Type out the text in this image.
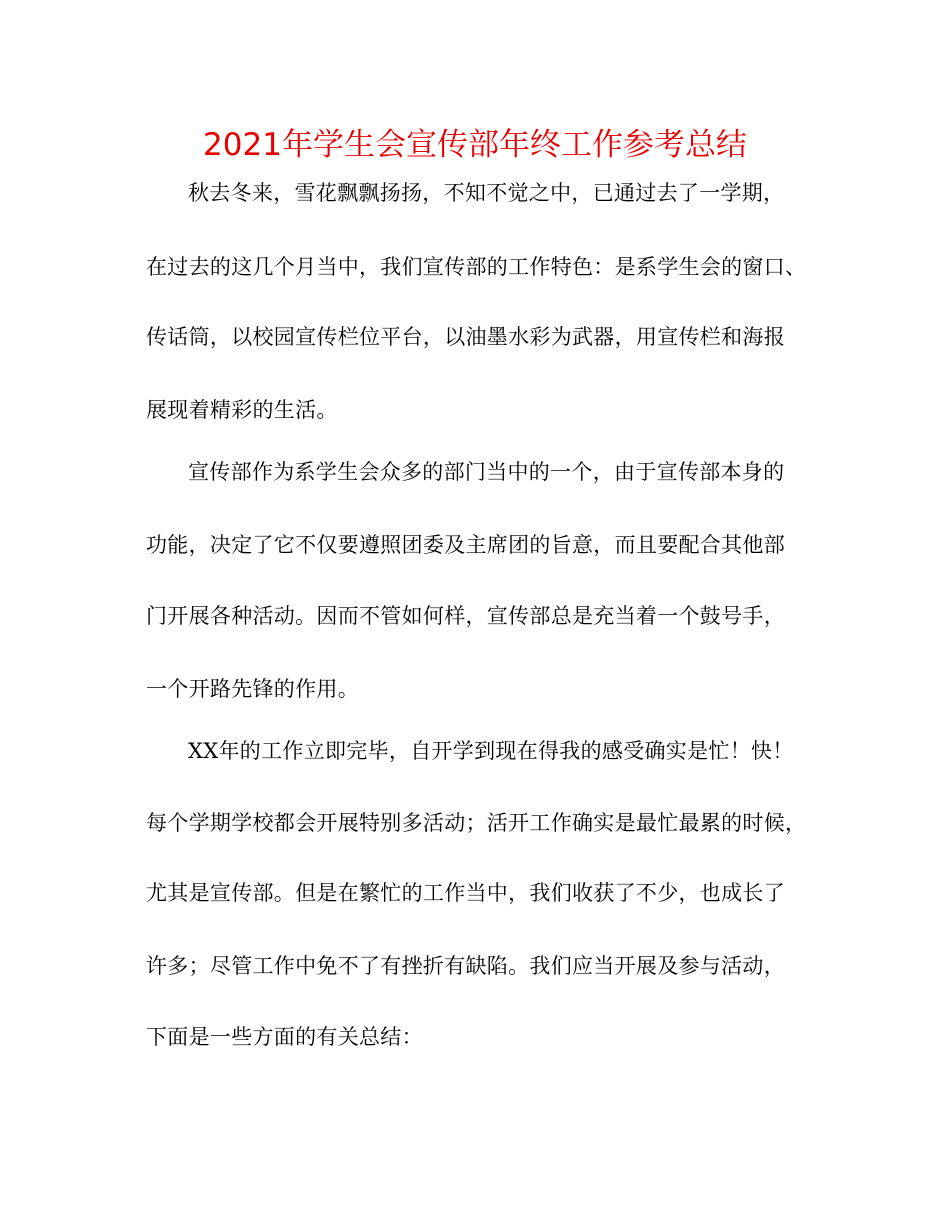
2021年学生会宣传部年终工作参考总结
秋去冬来，雪花飘飘扬扬，不知不觉之中，已通过去了一学期，
在过去的这几个月当中，我们宣传部的工作特色：是系学生会的窗口、
传话筒，以校园宣传栏位平台，以油墨水彩为武器，用宣传栏和海报
展现着精彩的生活。
宣传部作为系学生会众多的部门当中的一个，由于宣传部本身的
功能，决定了它不仅要遵照团委及主席团的旨意，而且要配合其他部
门开展各种活动。因而不管如何样，宣传部总是充当着一个鼓号手，
一个开路先锋的作用。
XX年的工作立即完毕，自开学到现在得我的感受确实是忙！快！
每个学期学校都会开展特别多活动；活开工作确实是最忙最累的时候，
尤其是宣传部。但是在繁忙的工作当中，我们收获了不少，也成长了
许多；尽管工作中免不了有挫折有缺陷。我们应当开展及参与活动，
下面是一些方面的有关总结：
